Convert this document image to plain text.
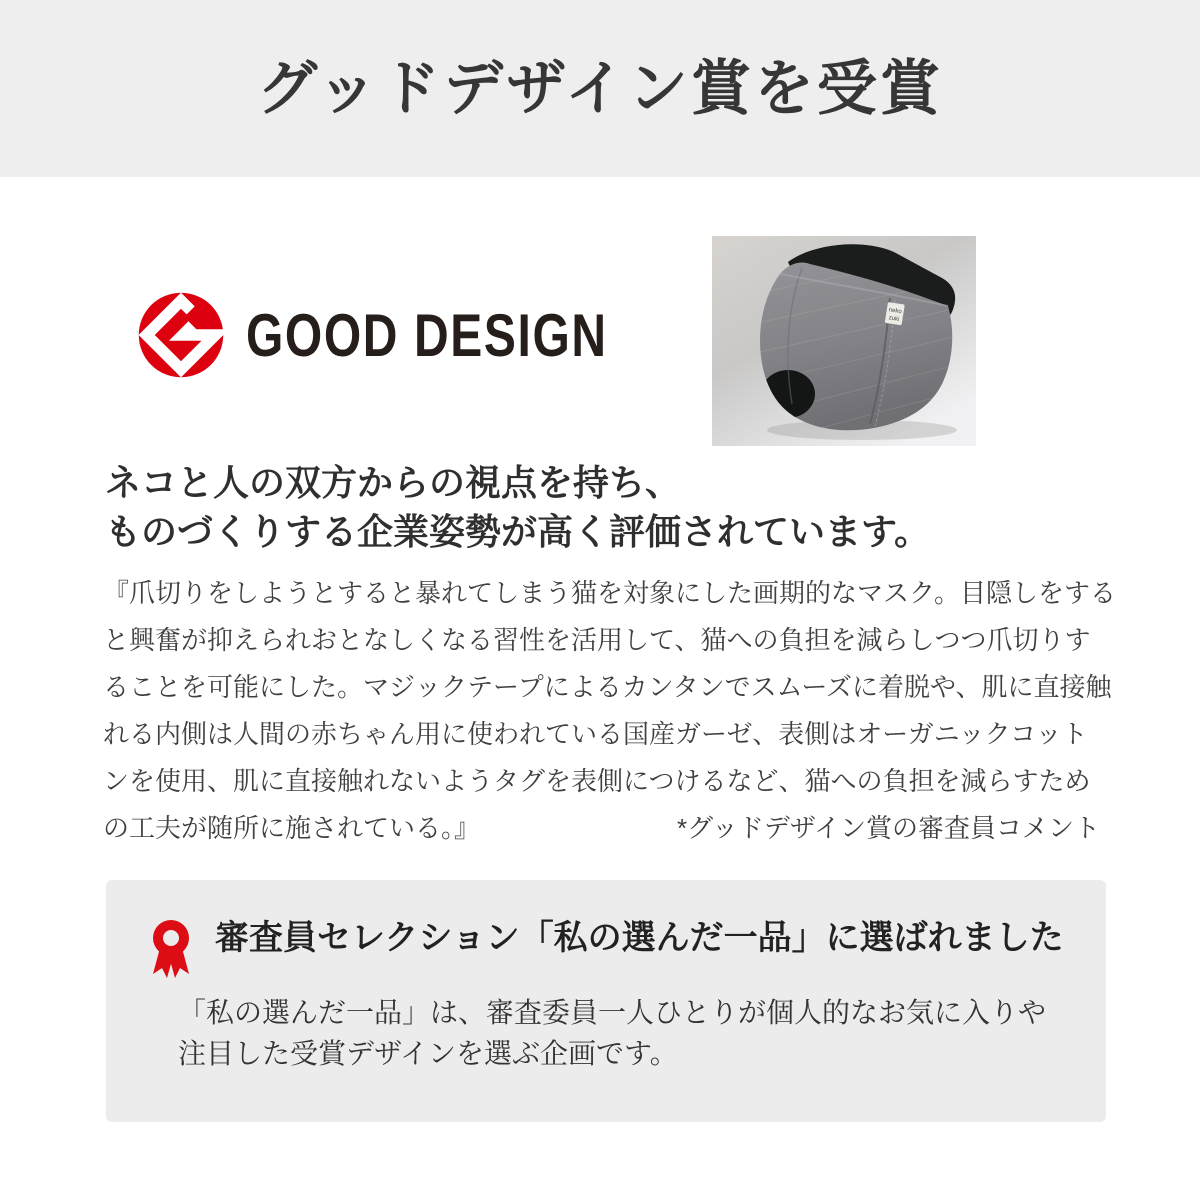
グッドデザイン賞を受賞
GOOD DESIGN	neko
zuki
ネコと人の双方からの視点を持ち、
ものづくりする企業姿勢が高く評価されています。
『爪切りをしようとすると暴れてしまう猫を対象にした画期的なマスク。目隠しをする
と興奮が抑えられおとなしくなる習性を活用して、猫への負担を減らしつつ爪切りす
ることを可能にした。マジックテープによるカンタンでスムーズに着脱や、肌に直接触
れる内側は人間の赤ちゃん用に使われている国産ガーゼ、表側はオーガニックコット
ンを使用、肌に直接触れないようタグを表側につけるなど、猫への負担を減らすため
の工夫が随所に施されている。』	*グッドデザイン賞の審査員コメント
審査員セレクション「私の選んだ一品」に選ばれました
「私の選んだ一品」は、審査委員一人ひとりが個人的なお気に入りや
注目した受賞デザインを選ぶ企画です。
